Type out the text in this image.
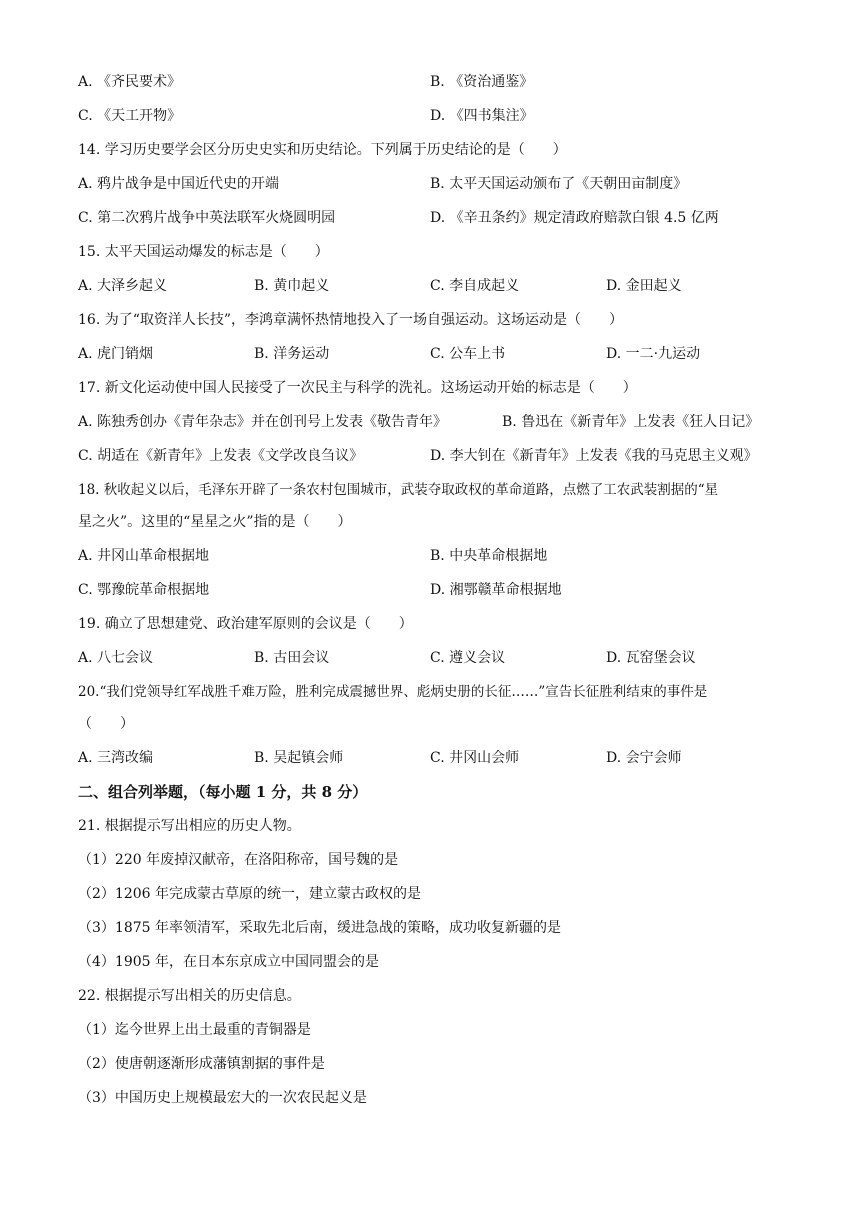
A. 《齐民要术》	B. 《资治通鉴》
C. 《天工开物》	D. 《四书集注》
14. 学习历史要学会区分历史史实和历史结论。下列属于历史结论的是（　　）
A. 鸦片战争是中国近代史的开端	B. 太平天国运动颁布了《天朝田亩制度》
C. 第二次鸦片战争中英法联军火烧圆明园	D. 《辛丑条约》规定清政府赔款白银 4.5 亿两
15. 太平天国运动爆发的标志是（　　）
A. 大泽乡起义	B. 黄巾起义	C. 李自成起义	D. 金田起义
16. 为了“取资洋人长技”，李鸿章满怀热情地投入了一场自强运动。这场运动是（　　）
A. 虎门销烟	B. 洋务运动	C. 公车上书	D. 一二·九运动
17. 新文化运动使中国人民接受了一次民主与科学的洗礼。这场运动开始的标志是（　　）
A. 陈独秀创办《青年杂志》并在创刊号上发表《敬告青年》	B. 鲁迅在《新青年》上发表《狂人日记》
C. 胡适在《新青年》上发表《文学改良刍议》	D. 李大钊在《新青年》上发表《我的马克思主义观》
18. 秋收起义以后，毛泽东开辟了一条农村包围城市，武装夺取政权的革命道路，点燃了工农武装割据的“星
星之火”。这里的“星星之火”指的是（　　）
A. 井冈山革命根据地	B. 中央革命根据地
C. 鄂豫皖革命根据地	D. 湘鄂赣革命根据地
19. 确立了思想建党、政治建军原则的会议是（　　）
A. 八七会议	B. 古田会议	C. 遵义会议	D. 瓦窑堡会议
20.“我们党领导红军战胜千难万险，胜利完成震撼世界、彪炳史册的长征……”宣告长征胜利结束的事件是
（　　）
A. 三湾改编	B. 吴起镇会师	C. 井冈山会师	D. 会宁会师
二、组合列举题，（每小题 1 分，共 8 分）
21. 根据提示写出相应的历史人物。
（1）220 年废掉汉献帝，在洛阳称帝，国号魏的是
（2）1206 年完成蒙古草原的统一，建立蒙古政权的是
（3）1875 年率领清军，采取先北后南，缓进急战的策略，成功收复新疆的是
（4）1905 年，在日本东京成立中国同盟会的是
22. 根据提示写出相关的历史信息。
（1）迄今世界上出土最重的青铜器是
（2）使唐朝逐渐形成藩镇割据的事件是
（3）中国历史上规模最宏大的一次农民起义是
